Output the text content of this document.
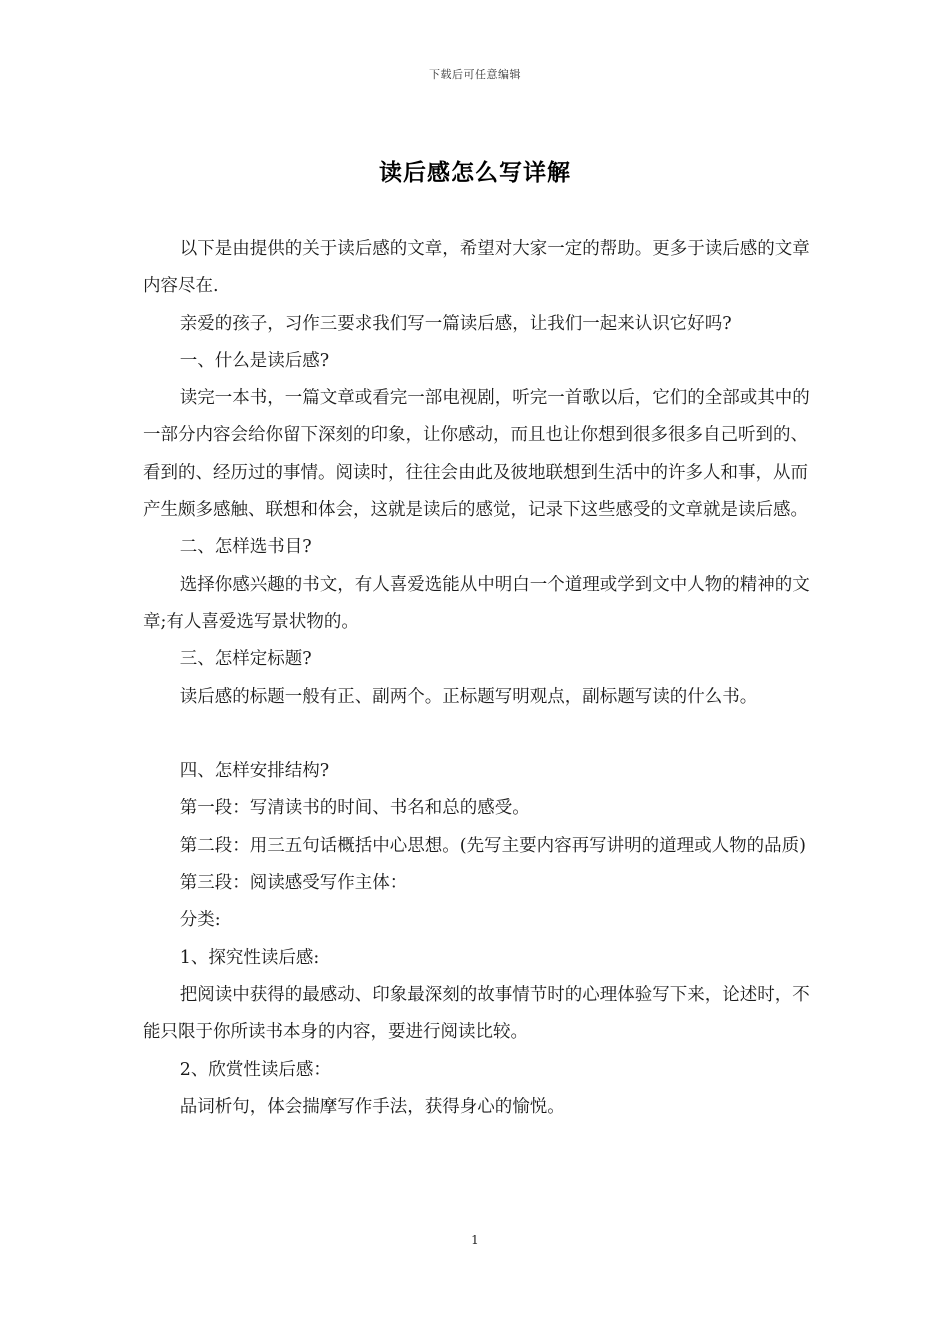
下载后可任意编辑
读后感怎么写详解

以下是由提供的关于读后感的文章，希望对大家一定的帮助。更多于读后感的文章内容尽在.

亲爱的孩子，习作三要求我们写一篇读后感，让我们一起来认识它好吗?

一、什么是读后感?

读完一本书，一篇文章或看完一部电视剧，听完一首歌以后，它们的全部或其中的一部分内容会给你留下深刻的印象，让你感动，而且也让你想到很多很多自己听到的、看到的、经历过的事情。阅读时，往往会由此及彼地联想到生活中的许多人和事，从而产生颇多感触、联想和体会，这就是读后的感觉，记录下这些感受的文章就是读后感。

二、怎样选书目?

选择你感兴趣的书文，有人喜爱选能从中明白一个道理或学到文中人物的精神的文章;有人喜爱选写景状物的。

三、怎样定标题?

读后感的标题一般有正、副两个。正标题写明观点，副标题写读的什么书。

四、怎样安排结构?

第一段：写清读书的时间、书名和总的感受。

第二段：用三五句话概括中心思想。(先写主要内容再写讲明的道理或人物的品质)

第三段：阅读感受写作主体：

分类:

1、探究性读后感:

把阅读中获得的最感动、印象最深刻的故事情节时的心理体验写下来，论述时，不能只限于你所读书本身的内容，要进行阅读比较。

2、欣赏性读后感：

品词析句，体会揣摩写作手法，获得身心的愉悦。

1
